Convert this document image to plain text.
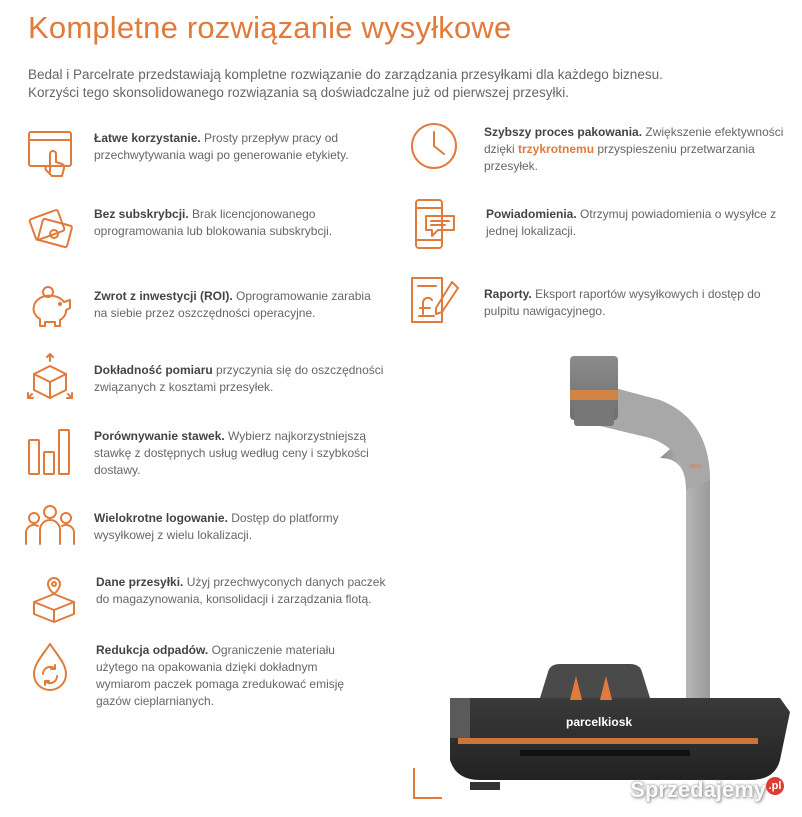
Kompletne rozwiązanie wysyłkowe
Bedal i Parcelrate przedstawiają kompletne rozwiązanie do zarządzania przesyłkami dla każdego biznesu.
Korzyści tego skonsolidowanego rozwiązania są doświadczalne już od pierwszej przesyłki.
Łatwe korzystanie. Prosty przepływ pracy od przechwytywania wagi po generowanie etykiety.
Bez subskrybcji. Brak licencjonowanego oprogramowania lub blokowania subskrybcji.
Zwrot z inwestycji (ROI). Oprogramowanie zarabia na siebie przez oszczędności operacyjne.
Dokładność pomiaru przyczynia się do oszczędności związanych z kosztami przesyłek.
Porównywanie stawek. Wybierz najkorzystniejszą stawkę z dostępnych usług według ceny i szybkości dostawy.
Wielokrotne logowanie. Dostęp do platformy wysyłkowej z wielu lokalizacji.
Dane przesyłki. Użyj przechwyconych danych paczek do magazynowania, konsolidacji i zarządzania flotą.
Redukcja odpadów. Ograniczenie materiału użytego na opakowania dzięki dokładnym wymiarom paczek pomaga zredukować emisję gazów cieplarnianych.
Szybszy proces pakowania. Zwiększenie efektywności dzięki trzykrotnemu przyspieszeniu przetwarzania przesyłek.
Powiadomienia. Otrzymuj powiadomienia o wysyłce z jednej lokalizacji.
Raporty. Eksport raportów wysyłkowych i dostęp do pulpitu nawigacyjnego.
MAX
parcelkiosk
Sprzedajemy .pl
